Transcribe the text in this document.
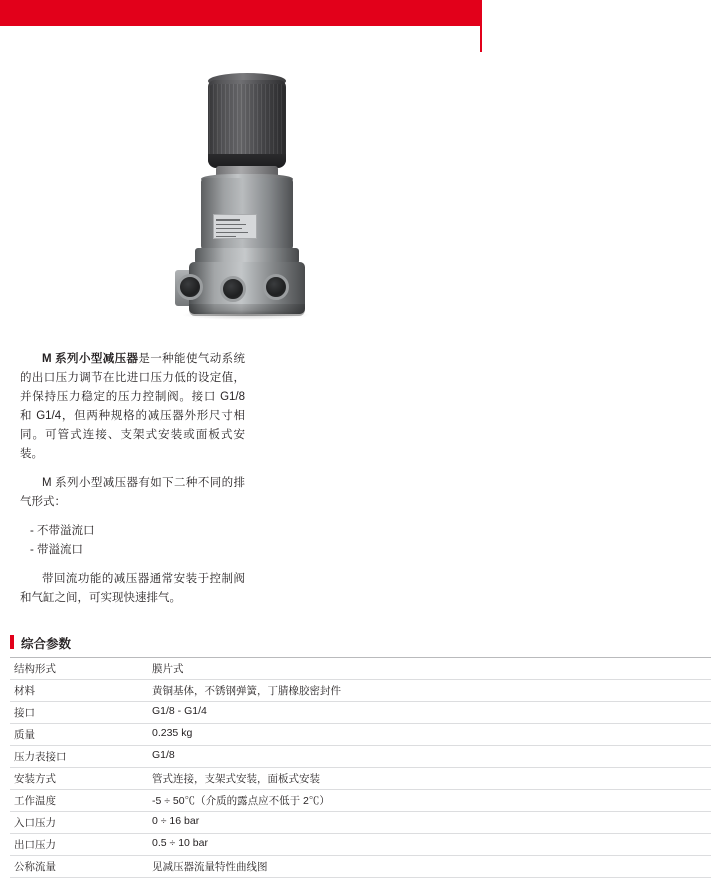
M 系列小型减压器是一种能使气动系统的出口压力调节在比进口压力低的设定值，并保持压力稳定的压力控制阀。接口 G1/8 和 G1/4，但两种规格的减压器外形尺寸相同。可管式连接、支架式安装或面板式安装。

M 系列小型减压器有如下二种不同的排气形式：

- 不带溢流口
- 带溢流口

带回流功能的减压器通常安装于控制阀和气缸之间，可实现快速排气。

综合参数
结构形式	膜片式
材料	黄铜基体，不锈钢弹簧，丁腈橡胶密封件
接口	G1/8 - G1/4
质量	0.235 kg
压力表接口	G1/8
安装方式	管式连接，支架式安装，面板式安装
工作温度	-5 ÷ 50℃（介质的露点应不低于 2℃）
入口压力	0 ÷ 16 bar
出口压力	0.5 ÷ 10 bar
公称流量	见减压器流量特性曲线图
